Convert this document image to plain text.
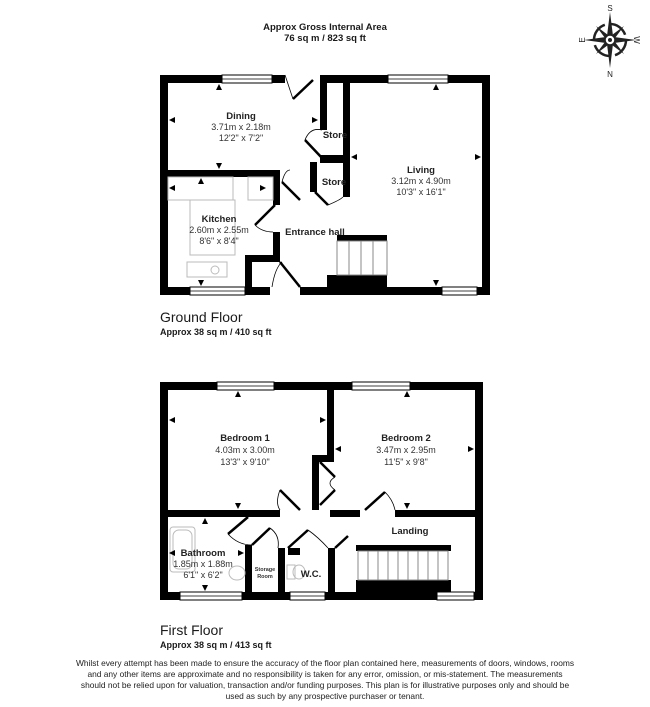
Approx Gross Internal Area
76 sq m / 823 sq ft
Ground Floor
Approx 38 sq m / 410 sq ft
First Floor
Approx 38 sq m / 413 sq ft
Whilst every attempt has been made to ensure the accuracy of the floor plan contained here, measurements of doors, windows, rooms and any other items are approximate and no responsibility is taken for any error, omission, or mis-statement. The measurements should not be relied upon for valuation, transaction and/or funding purposes. This plan is for illustrative purposes only and should be used as such by any prospective purchaser or tenant.
S
W
N
E
Dining
3.71m x 2.18m
12'2" x 7'2"	Store
Store
Living
3.12m x 4.90m
10'3" x 16'1"
Kitchen
2.60m x 2.55m
8'6" x 8'4"
Entrance hall
Bedroom 1
4.03m x 3.00m
13'3" x 9'10"
Bedroom 2
3.47m x 2.95m
11'5" x 9'8"
Landing
Bathroom
1.85m x 1.88m
6'1" x 6'2"	Storage
Room	W.C.
